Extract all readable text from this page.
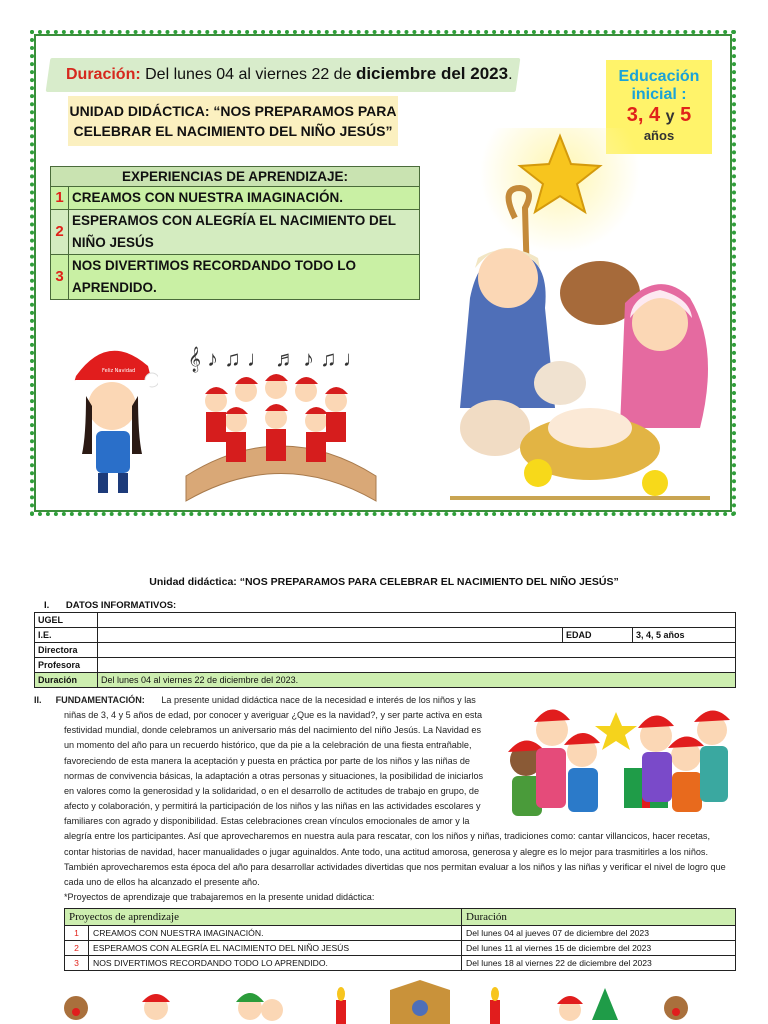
Duración: Del lunes 04 al viernes 22 de diciembre del 2023.
UNIDAD DIDÁCTICA: “NOS PREPARAMOS PARA
CELEBRAR EL NACIMIENTO DEL NIÑO JESÚS”
Educación
inicial :
3, 4 y 5
años
EXPERIENCIAS DE APRENDIZAJE:	
1	CREAMOS CON NUESTRA IMAGINACIÓN.
2	ESPERAMOS CON ALEGRÍA EL NACIMIENTO DEL
NIÑO JESÚS

3	NOS DIVERTIMOS RECORDANDO TODO LO
APRENDIDO.
Feliz Navidad 𝄞 ♪ ♫ ♩ ♬ ♪ ♫ ♩
Unidad didáctica: “NOS PREPARAMOS PARA CELEBRAR EL NACIMIENTO DEL NIÑO JESÚS”
I. DATOS INFORMATIVOS:
UGEL			
I.E.		EDAD	3, 4, 5 años
Directora			
Profesora			
Duración	Del lunes 04 al viernes 22 de diciembre del 2023.		
II. FUNDAMENTACIÓN: La presente unidad didáctica nace de la necesidad e interés de los niños y las niñas de 3, 4 y 5 años de edad, por conocer y averiguar ¿Que es la navidad?, y ser parte activa en esta festividad mundial, donde celebramos un aniversario más del nacimiento del niño Jesús. La Navidad es un momento del año para un recuerdo histórico, que da pie a la celebración de una fiesta entrañable, favoreciendo de esta manera la aceptación y puesta en práctica por parte de los niños y las niñas de normas de convivencia básicas, la adaptación a otras personas y situaciones, la posibilidad de iniciarlos en valores como la generosidad y la solidaridad, o en el desarrollo de actitudes de trabajo en grupo, de afecto y colaboración, y permitirá la participación de los niños y las niñas en las actividades escolares y familiares con agrado y disponibilidad. Estas celebraciones crean vínculos emocionales de amor y la alegría entre los participantes. Así que aprovecharemos en nuestra aula para rescatar, con los niños y niñas, tradiciones como: cantar villancicos, hacer recetas, contar historias de navidad, hacer manualidades o jugar aguinaldos. Ante todo, una actitud amorosa, generosa y alegre es lo mejor para trasmitirles a los niños. También aprovecharemos esta época del año para desarrollar actividades divertidas que nos permitan evaluar a los niños y las niñas y verificar el nivel de logro que cada uno de ellos ha alcanzado el presente año.
*Proyectos de aprendizaje que trabajaremos en la presente unidad didáctica:
Proyectos de aprendizaje		Duración
1	CREAMOS CON NUESTRA IMAGINACIÓN.	Del lunes 04 al jueves 07 de diciembre del 2023
2	ESPERAMOS CON ALEGRÍA EL NACIMIENTO DEL NIÑO JESÚS	Del lunes 11 al viernes 15 de diciembre del 2023
3	NOS DIVERTIMOS RECORDANDO TODO LO APRENDIDO.	Del lunes 18 al viernes 22 de diciembre del 2023
